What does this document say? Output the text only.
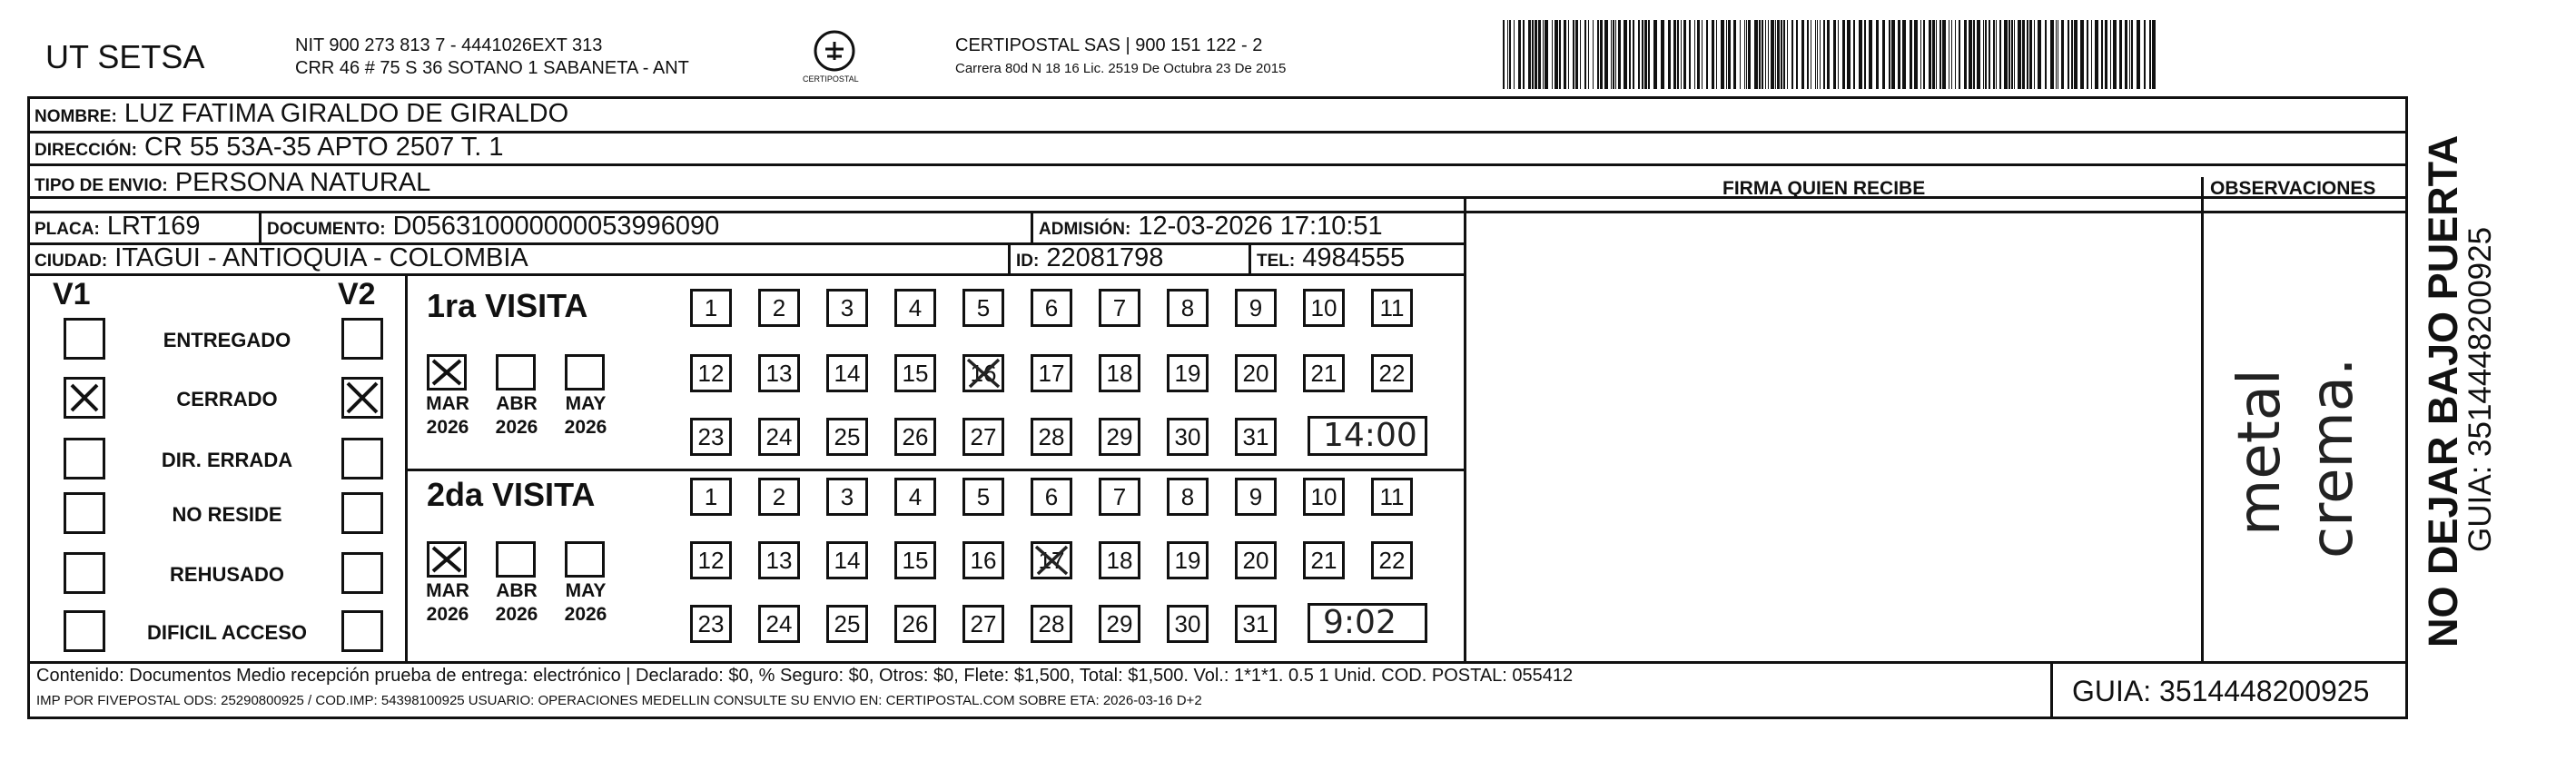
UT SETSA	NIT 900 273 813 7 - 4441026EXT 313
CRR 46 # 75 S 36 SOTANO 1 SABANETA - ANT
CERTIPOSTAL
CERTIPOSTAL SAS | 900 151 122 - 2
Carrera 80d N 18 16 Lic. 2519 De Octubra 23 De 2015
NOMBRE: LUZ FATIMA GIRALDO DE GIRALDO
DIRECCIÓN: CR 55 53A-35 APTO 2507 T. 1
TIPO DE ENVIO: PERSONA NATURAL
PLACA: LRT169	DOCUMENTO: D056310000000053996090	ADMISIÓN: 12-03-2026 17:10:51
CIUDAD: ITAGUI - ANTIOQUIA - COLOMBIA	ID: 22081798	TEL: 4984555
FIRMA QUIEN RECIBE	OBSERVACIONES
metal crema.
V1	V2
ENTREGADO
CERRADO
DIR. ERRADA
NO RESIDE
REHUSADO
DIFICIL ACCESO
1ra VISITA
2da VISITA
MAR
2026
ABR
2026
MAY
2026
1 2 3 4 5 6 7 8 9 10 11
12 13 14 15 16 17 18 19 20 21 22
23 24 25 26 27 28 29 30 31 14:00
MAR
2026
ABR
2026
MAY
2026
1 2 3 4 5 6 7 8 9 10 11
12 13 14 15 16 17 18 19 20 21 22
23 24 25 26 27 28 29 30 31 9:02
Contenido: Documentos Medio recepción prueba de entrega: electrónico | Declarado: $0, % Seguro: $0, Otros: $0, Flete: $1,500, Total: $1,500. Vol.: 1*1*1. 0.5 1 Unid. COD. POSTAL: 055412
IMP POR FIVEPOSTAL ODS: 25290800925 / COD.IMP: 54398100925 USUARIO: OPERACIONES MEDELLIN CONSULTE SU ENVIO EN: CERTIPOSTAL.COM SOBRE ETA: 2026-03-16 D+2	GUIA: 3514448200925
NO DEJAR BAJO PUERTA
GUIA: 3514448200925
